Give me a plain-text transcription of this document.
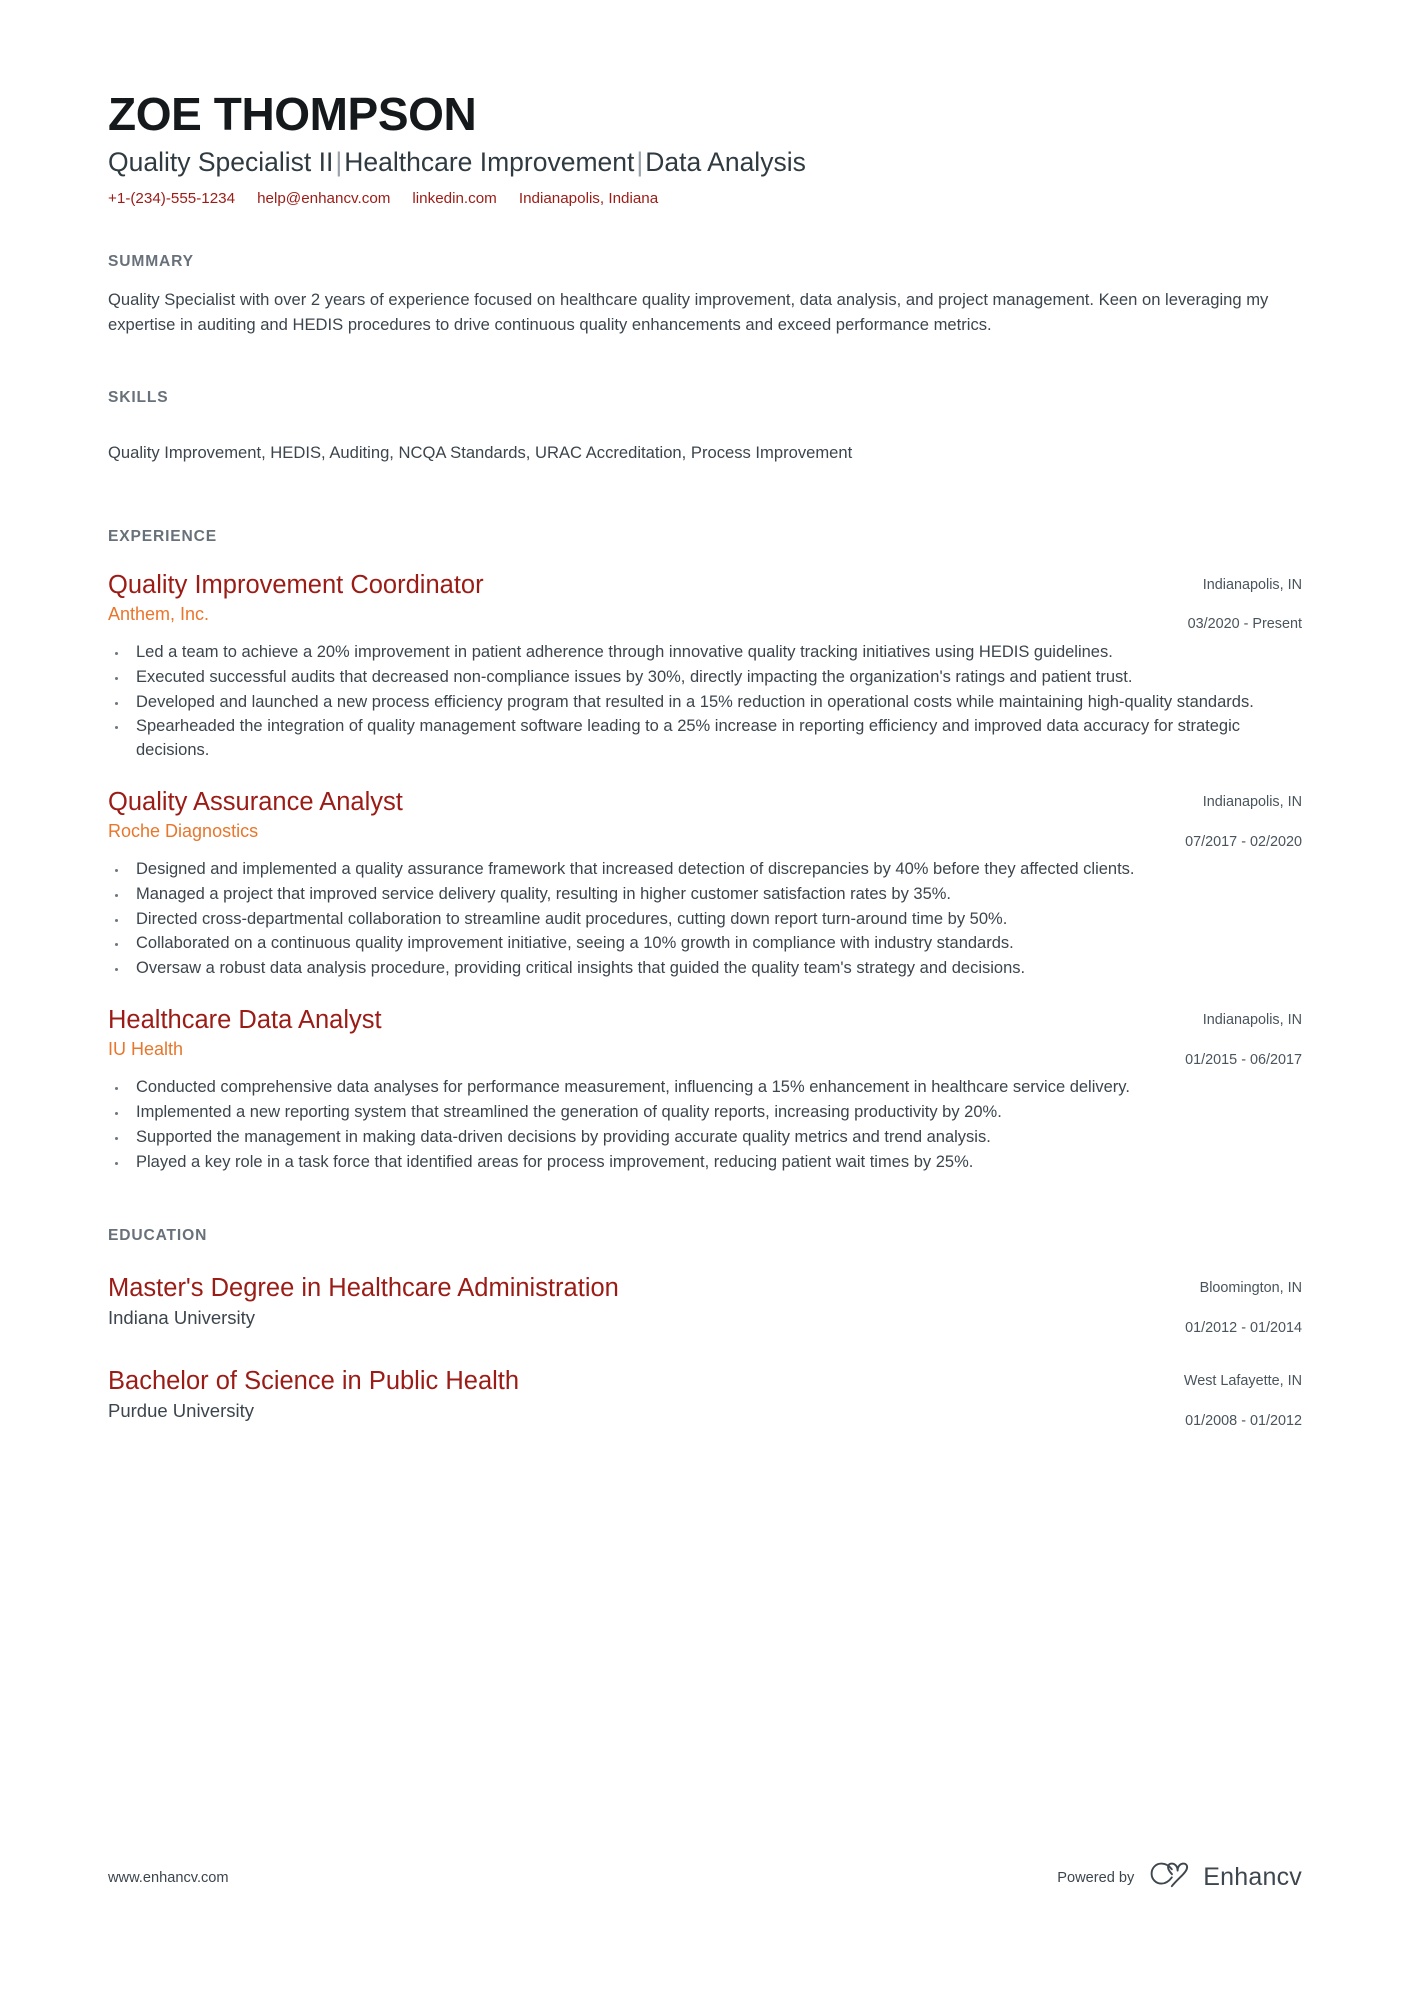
ZOE THOMPSON
Quality Specialist II|Healthcare Improvement|Data Analysis
+1-(234)-555-1234 help@enhancv.com linkedin.com Indianapolis, Indiana
SUMMARY
Quality Specialist with over 2 years of experience focused on healthcare quality improvement, data analysis, and project management. Keen on leveraging my expertise in auditing and HEDIS procedures to drive continuous quality enhancements and exceed performance metrics.
SKILLS
Quality Improvement, HEDIS, Auditing, NCQA Standards, URAC Accreditation, Process Improvement
EXPERIENCE
Quality Improvement Coordinator
Anthem, Inc.
Indianapolis, IN
03/2020 - Present
Led a team to achieve a 20% improvement in patient adherence through innovative quality tracking initiatives using HEDIS guidelines.
Executed successful audits that decreased non-compliance issues by 30%, directly impacting the organization's ratings and patient trust.
Developed and launched a new process efficiency program that resulted in a 15% reduction in operational costs while maintaining high-quality standards.
Spearheaded the integration of quality management software leading to a 25% increase in reporting efficiency and improved data accuracy for strategic decisions.
Quality Assurance Analyst
Roche Diagnostics
Indianapolis, IN
07/2017 - 02/2020
Designed and implemented a quality assurance framework that increased detection of discrepancies by 40% before they affected clients.
Managed a project that improved service delivery quality, resulting in higher customer satisfaction rates by 35%.
Directed cross-departmental collaboration to streamline audit procedures, cutting down report turn-around time by 50%.
Collaborated on a continuous quality improvement initiative, seeing a 10% growth in compliance with industry standards.
Oversaw a robust data analysis procedure, providing critical insights that guided the quality team's strategy and decisions.
Healthcare Data Analyst
IU Health
Indianapolis, IN
01/2015 - 06/2017
Conducted comprehensive data analyses for performance measurement, influencing a 15% enhancement in healthcare service delivery.
Implemented a new reporting system that streamlined the generation of quality reports, increasing productivity by 20%.
Supported the management in making data-driven decisions by providing accurate quality metrics and trend analysis.
Played a key role in a task force that identified areas for process improvement, reducing patient wait times by 25%.
EDUCATION
Master's Degree in Healthcare Administration
Indiana University
Bloomington, IN
01/2012 - 01/2014
Bachelor of Science in Public Health
Purdue University
West Lafayette, IN
01/2008 - 01/2012
www.enhancv.com	Powered by	Enhancv
